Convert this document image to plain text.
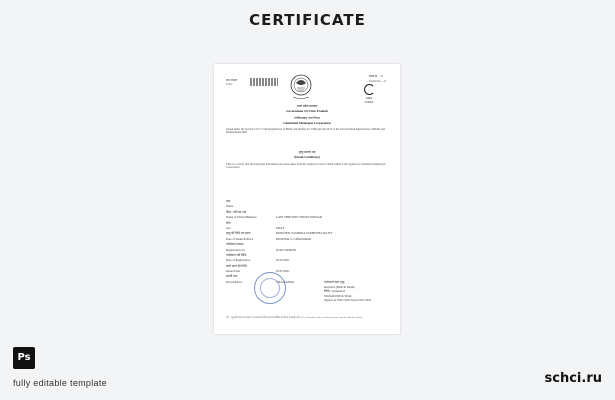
CERTIFICATE
क्रम संख्या
S.No.
प्रपत्र सं. – 6
Form No. – 6
CRS LOGO
उत्तर प्रदेश सरकार
Government Of Uttar Pradesh
गाजियाबाद नगर निगम
Ghaziabad Municipal Corporation
Issued under the Section 12/17 of the Registration of Births and Deaths Act 1969 and rule 8/13 of the Uttar Pradesh Registration of Births and Deaths Rules 2002
मृत्यु प्रमाण पत्र
(Death Certificate)
This is to certify that the following information has been taken from the original record of death which is the register for Ghaziabad Municipal Corporation
नाम
Name
पिता / पति का नाम
Name of Father/Husband	LATE SHRI SHIV SINGH TANWAR
लिंग
Sex	MALE
मृत्यु की तिथि एवं स्थान	DENOTED-YASHODA SUPERSPECIALITY
Date of Death & Place	HOSPITALS, GHAZIABAD
पंजीकरण संख्या
Registration No	D/2021/0006781
पंजीकरण की तिथि
Date of Registration	03/07/2021
जारी करने की तिथि
Issued Date	03/07/2021
स्थायी पता
Place/District	GHAZIABAD	पंजीकर्ता जन्म मृत्यु
Registrar (Birth & Death)
जिला / Ghaziabad
SIGNATURE & SEAL
Signed on 03/07/2021 Date 03/07/2021
नोट : मृत्यु की घटना के संबंध में जानकारी के लिए कृपया संबंधित कार्यालय से संपर्क करें। For verification of the certificate please visit the official website.
Ps
fully editable template	schci.ru
